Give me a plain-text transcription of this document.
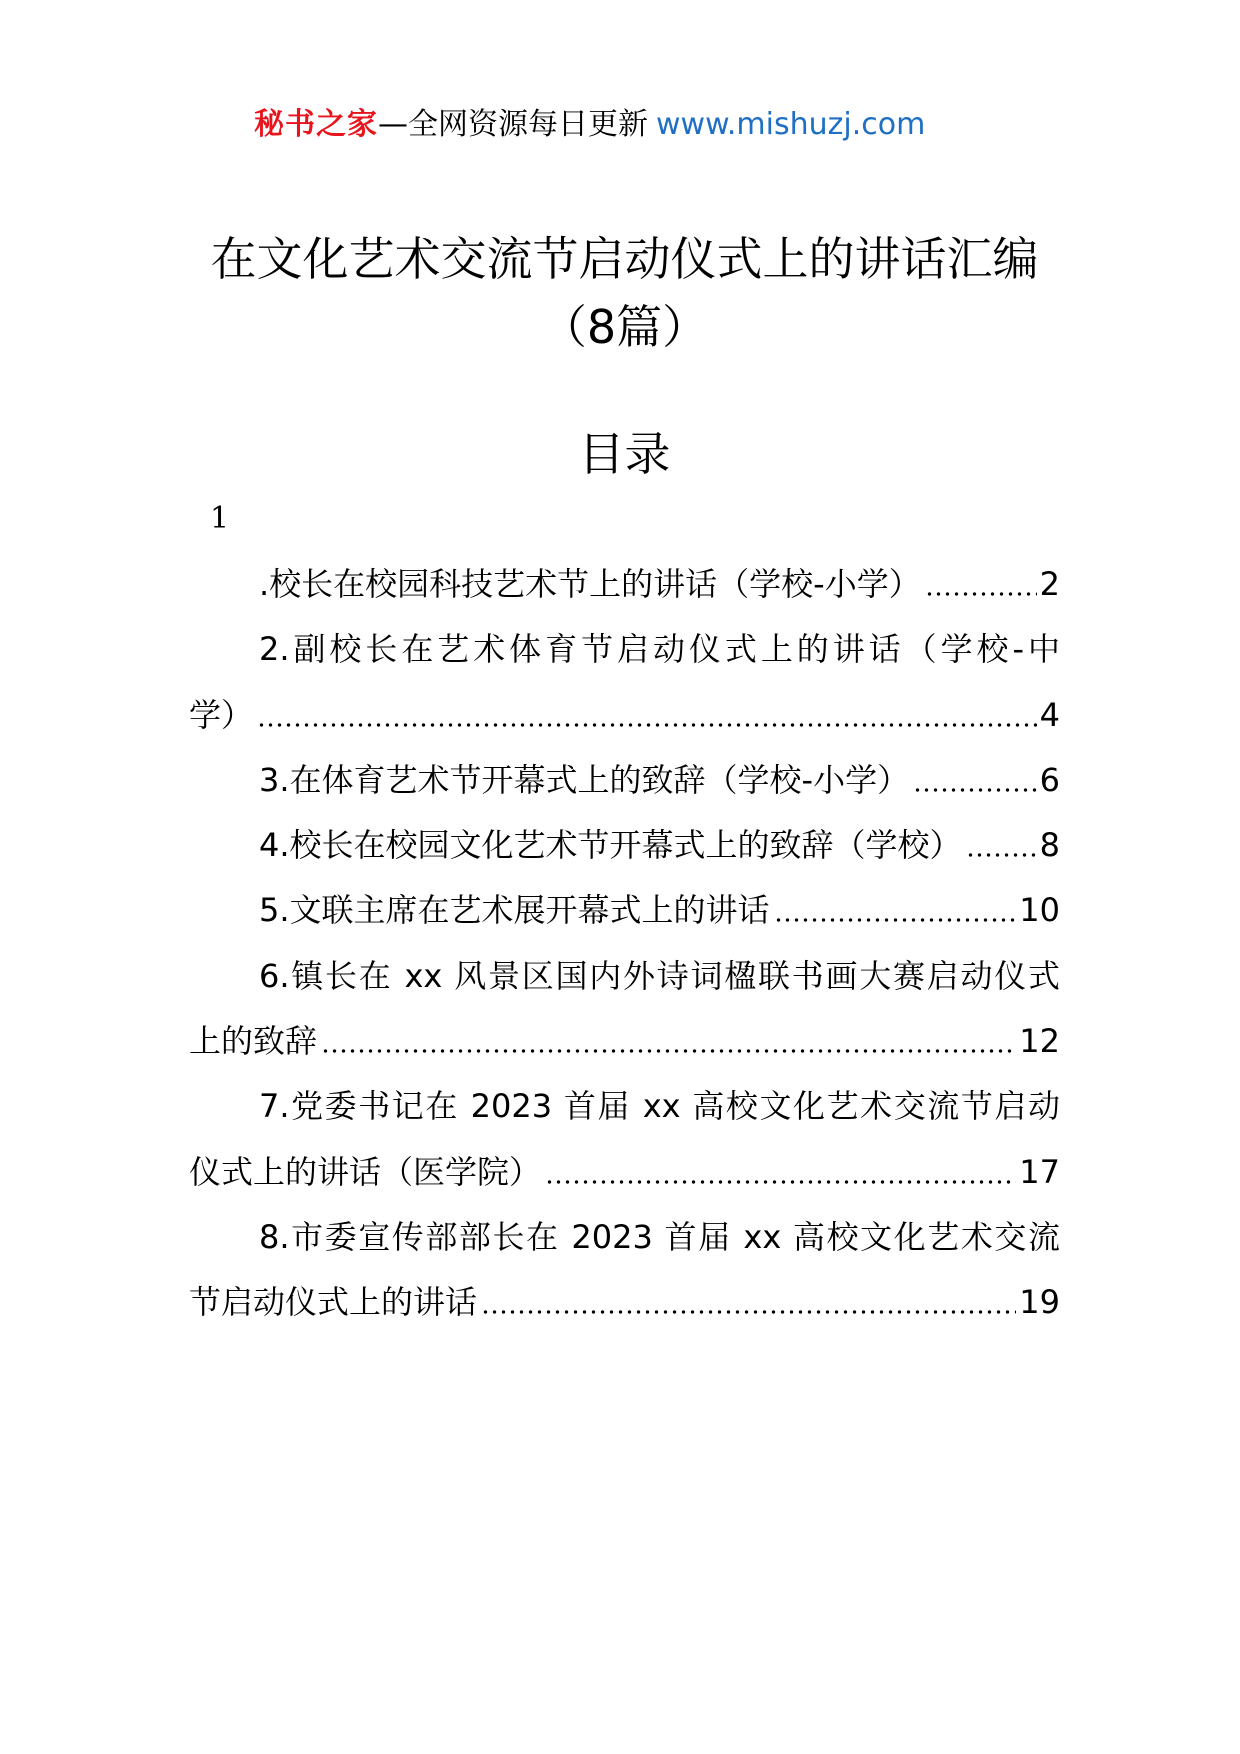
秘书之家—全网资源每日更新 www.mishuzj.com
在文化艺术交流节启动仪式上的讲话汇编
（8篇）
目录
1
.校长在校园科技艺术节上的讲话（学校-小学）	2
2.副校长在艺术体育节启动仪式上的讲话（学校-中
学）	4
3.在体育艺术节开幕式上的致辞（学校-小学）	6
4.校长在校园文化艺术节开幕式上的致辞（学校） 8
5.文联主席在艺术展开幕式上的讲话	10
6.镇长在 xx 风景区国内外诗词楹联书画大赛启动仪式
上的致辞	12
7.党委书记在 2023 首届 xx 高校文化艺术交流节启动
仪式上的讲话（医学院）	17
8.市委宣传部部长在 2023 首届 xx 高校文化艺术交流
节启动仪式上的讲话	19
